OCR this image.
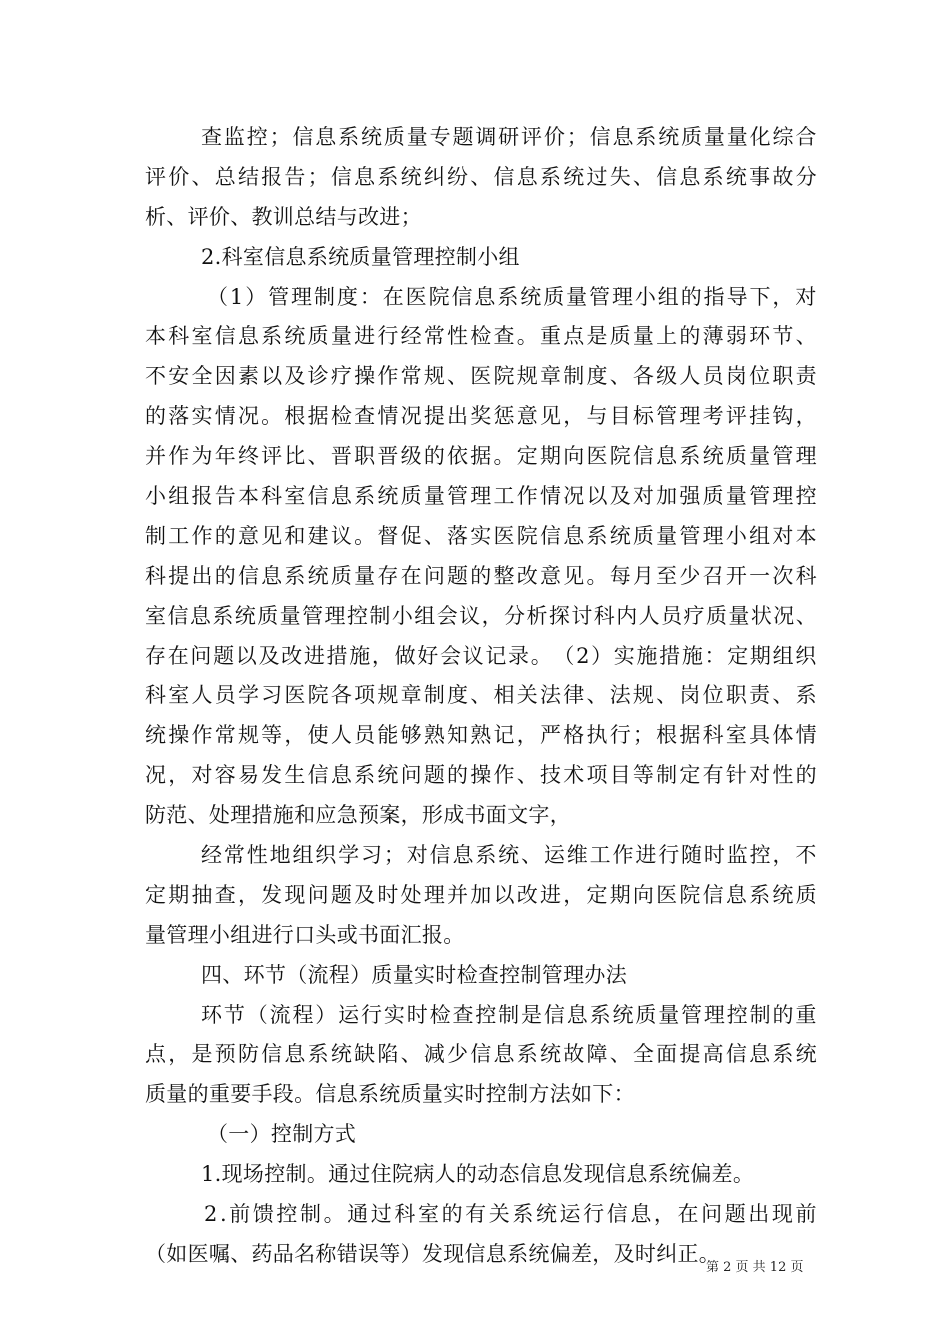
查 监 控 ； 信 息 系 统 质 量 专 题 调 研 评 价 ； 信 息 系 统 质 量 量 化 综 合
评 价 、 总 结 报 告 ； 信 息 系 统 纠 纷 、 信 息 系 统 过 失 、 信 息 系 统 事 故 分
析、评价、教训总结与改进；
2.科室信息系统质量管理控制小组
（ 1 ） 管 理 制 度 ： 在 医 院 信 息 系 统 质 量 管 理 小 组 的 指 导 下 ， 对
本 科 室 信 息 系 统 质 量 进 行 经 常 性 检 查 。 重 点 是 质 量 上 的 薄 弱 环 节 、
不 安 全 因 素 以 及 诊 疗 操 作 常 规 、 医 院 规 章 制 度 、 各 级 人 员 岗 位 职 责
的 落 实 情 况 。 根 据 检 查 情 况 提 出 奖 惩 意 见 ， 与 目 标 管 理 考 评 挂 钩 ，
并 作 为 年 终 评 比 、 晋 职 晋 级 的 依 据 。 定 期 向 医 院 信 息 系 统 质 量 管 理
小 组 报 告 本 科 室 信 息 系 统 质 量 管 理 工 作 情 况 以 及 对 加 强 质 量 管 理 控
制 工 作 的 意 见 和 建 议 。 督 促 、 落 实 医 院 信 息 系 统 质 量 管 理 小 组 对 本
科 提 出 的 信 息 系 统 质 量 存 在 问 题 的 整 改 意 见 。 每 月 至 少 召 开 一 次 科
室 信 息 系 统 质 量 管 理 控 制 小 组 会 议 ， 分 析 探 讨 科 内 人 员 疗 质 量 状 况 、
存 在 问 题 以 及 改 进 措 施 ， 做 好 会 议 记 录 。 （ 2 ） 实 施 措 施 ： 定 期 组 织
科 室 人 员 学 习 医 院 各 项 规 章 制 度 、 相 关 法 律 、 法 规 、 岗 位 职 责 、 系
统 操 作 常 规 等 ， 使 人 员 能 够 熟 知 熟 记 ， 严 格 执 行 ； 根 据 科 室 具 体 情
况 ， 对 容 易 发 生 信 息 系 统 问 题 的 操 作 、 技 术 项 目 等 制 定 有 针 对 性 的
防范、处理措施和应急预案，形成书面文字，
经 常 性 地 组 织 学 习 ； 对 信 息 系 统 、 运 维 工 作 进 行 随 时 监 控 ， 不
定 期 抽 查 ， 发 现 问 题 及 时 处 理 并 加 以 改 进 ， 定 期 向 医 院 信 息 系 统 质
量管理小组进行口头或书面汇报。
四、环节（流程）质量实时检查控制管理办法
环 节 （ 流 程 ） 运 行 实 时 检 查 控 制 是 信 息 系 统 质 量 管 理 控 制 的 重
点 ， 是 预 防 信 息 系 统 缺 陷 、 减 少 信 息 系 统 故 障 、 全 面 提 高 信 息 系 统
质量的重要手段。信息系统质量实时控制方法如下：
（一）控制方式
1.现场控制。通过住院病人的动态信息发现信息系统偏差。
2 . 前 馈 控 制 。 通 过 科 室 的 有 关 系 统 运 行 信 息 ， 在 问 题 出 现 前
（如医嘱、药品名称错误等）发现信息系统偏差，及时纠正。
第 2 页 共 12 页
